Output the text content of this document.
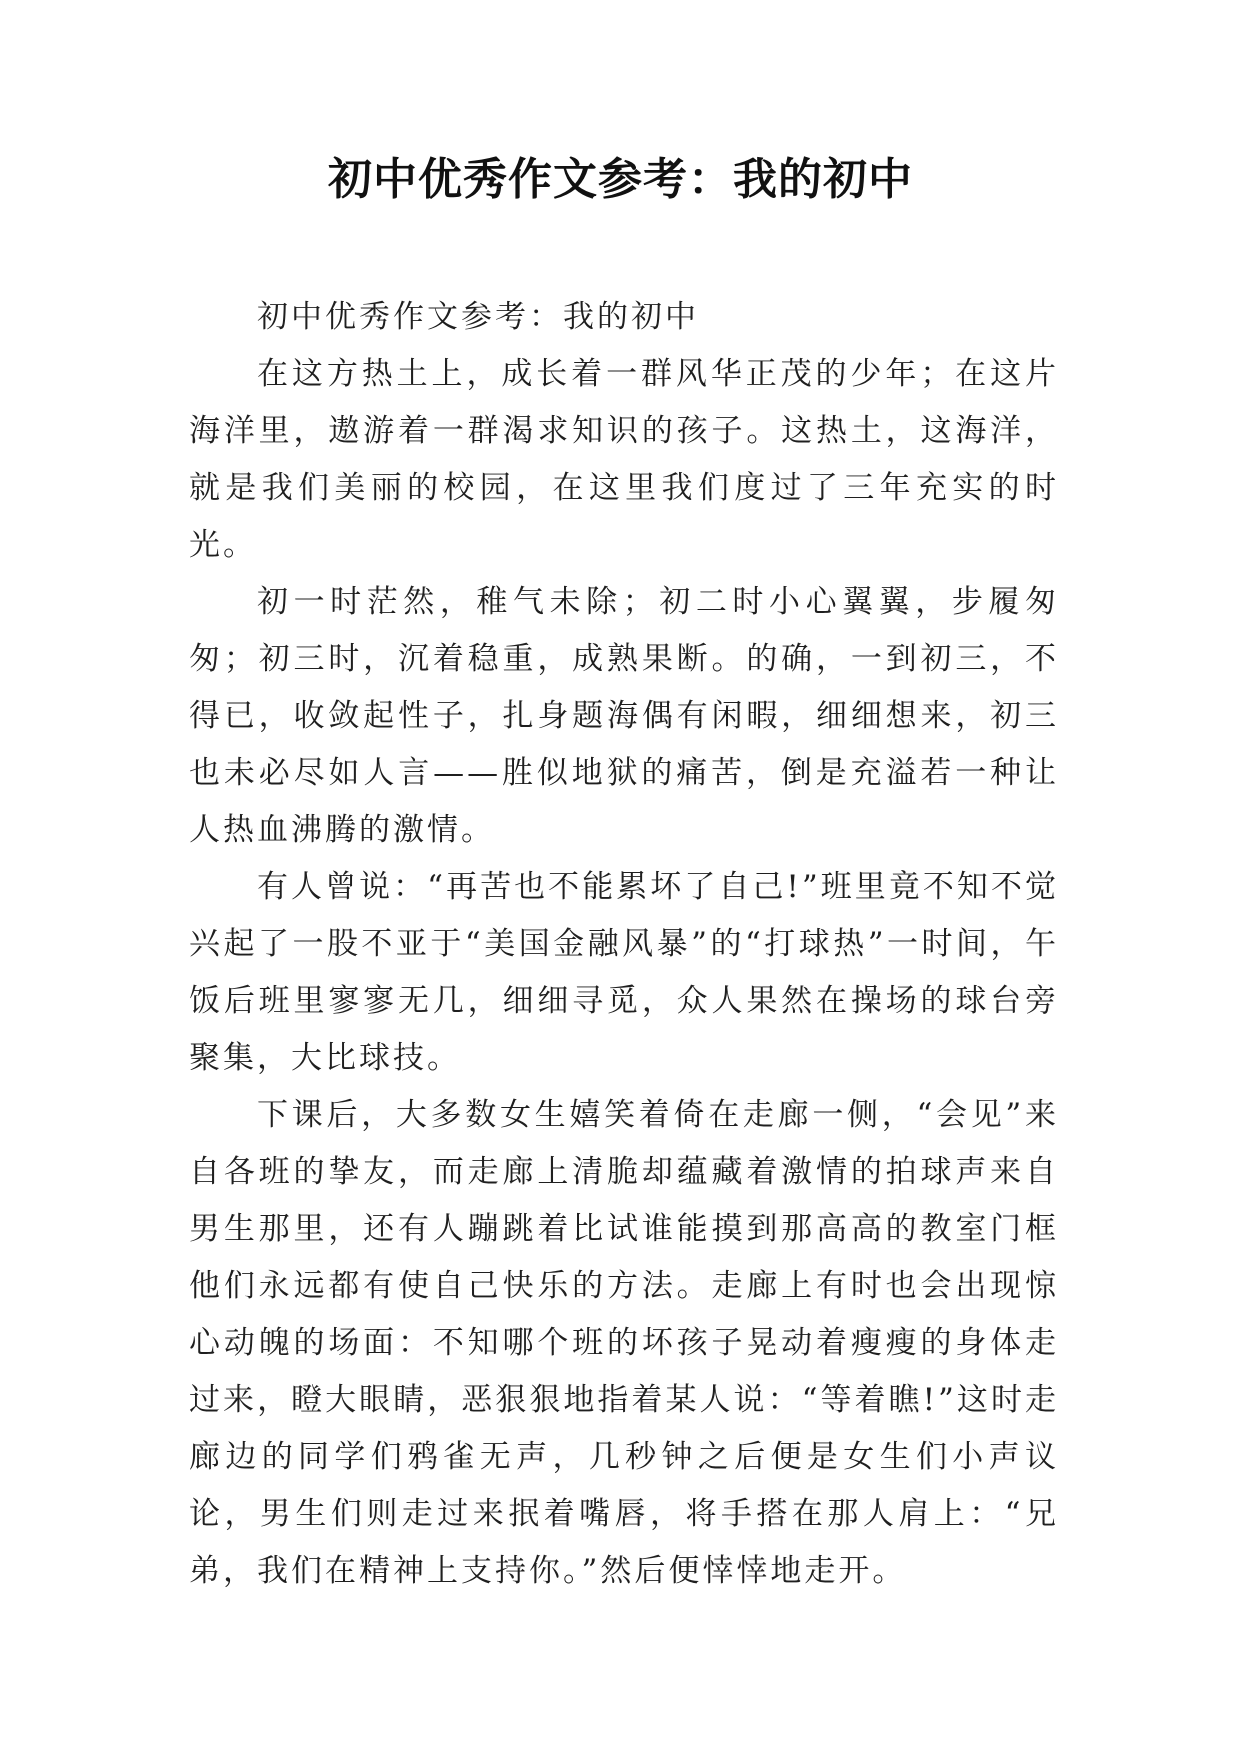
初中优秀作文参考：我的初中

初中优秀作文参考：我的初中

在这方热土上，成长着一群风华正茂的少年；在这片海洋里，遨游着一群渴求知识的孩子。这热土，这海洋，就是我们美丽的校园，在这里我们度过了三年充实的时光。

初一时茫然，稚气未除；初二时小心翼翼，步履匆匆；初三时，沉着稳重，成熟果断。的确，一到初三，不得已，收敛起性子，扎身题海偶有闲暇，细细想来，初三也未必尽如人言——胜似地狱的痛苦，倒是充溢若一种让人热血沸腾的激情。

有人曾说：“再苦也不能累坏了自己!”班里竟不知不觉兴起了一股不亚于“美国金融风暴”的“打球热”一时间，午饭后班里寥寥无几，细细寻觅，众人果然在操场的球台旁聚集，大比球技。

下课后，大多数女生嬉笑着倚在走廊一侧，“会见”来自各班的挚友，而走廊上清脆却蕴藏着激情的拍球声来自男生那里，还有人蹦跳着比试谁能摸到那高高的教室门框他们永远都有使自己快乐的方法。走廊上有时也会出现惊心动魄的场面：不知哪个班的坏孩子晃动着瘦瘦的身体走过来，瞪大眼睛，恶狠狠地指着某人说：“等着瞧!”这时走廊边的同学们鸦雀无声，几秒钟之后便是女生们小声议论，男生们则走过来抿着嘴唇，将手搭在那人肩上：“兄弟，我们在精神上支持你。”然后便悻悻地走开。
